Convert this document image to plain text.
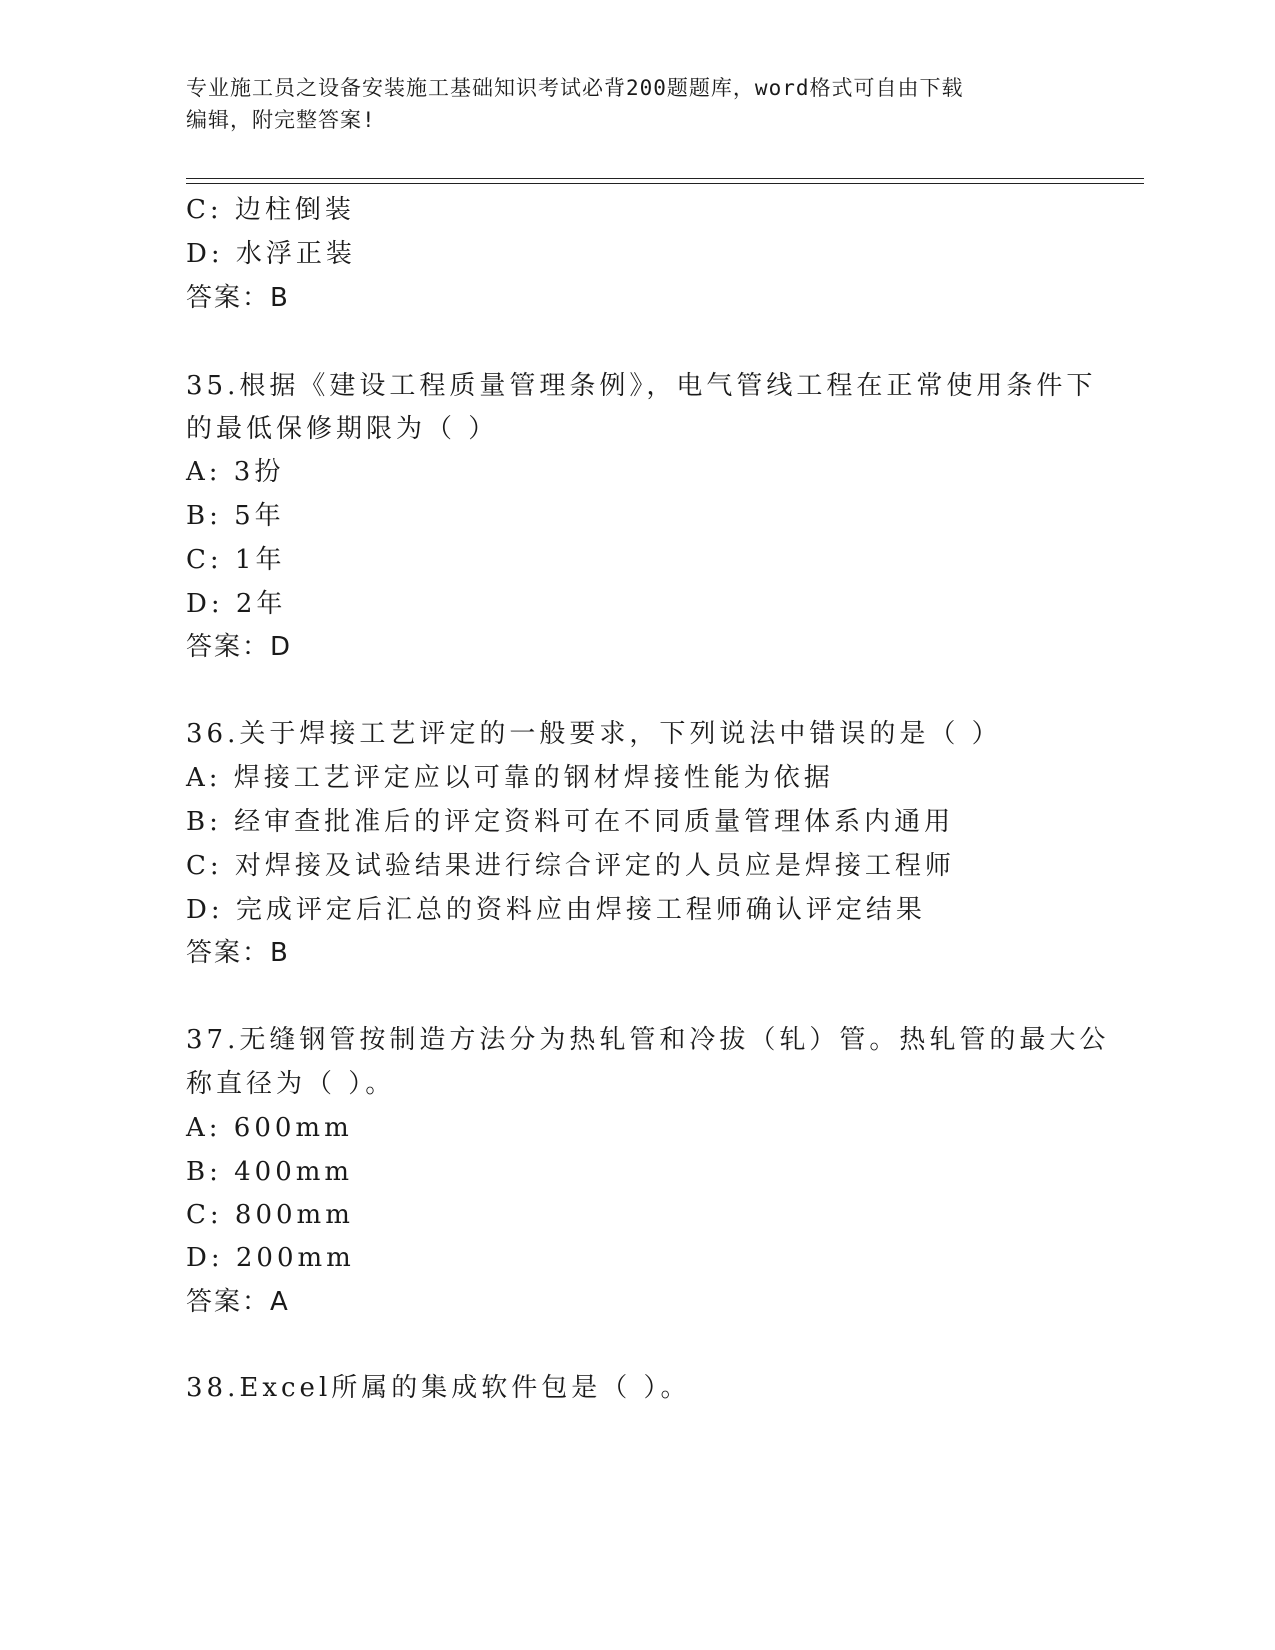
专业施工员之设备安装施工基础知识考试必背200题题库，word格式可自由下载
编辑，附完整答案!
C: 边柱倒装
D: 水浮正装
答案：B
35.根据《建设工程质量管理条例》，电气管线工程在正常使用条件下
的最低保修期限为（ ）
A: 3扮
B: 5年
C: 1年
D: 2年
答案：D
36.关于焊接工艺评定的一般要求，下列说法中错误的是（ ）
A: 焊接工艺评定应以可靠的钢材焊接性能为依据
B: 经审查批准后的评定资料可在不同质量管理体系内通用
C: 对焊接及试验结果进行综合评定的人员应是焊接工程师
D: 完成评定后汇总的资料应由焊接工程师确认评定结果
答案：B
37.无缝钢管按制造方法分为热轧管和冷拔（轧）管。热轧管的最大公
称直径为（ ）。
A: 600mm
B: 400mm
C: 800mm
D: 200mm
答案：A
38.Excel所属的集成软件包是（ ）。
